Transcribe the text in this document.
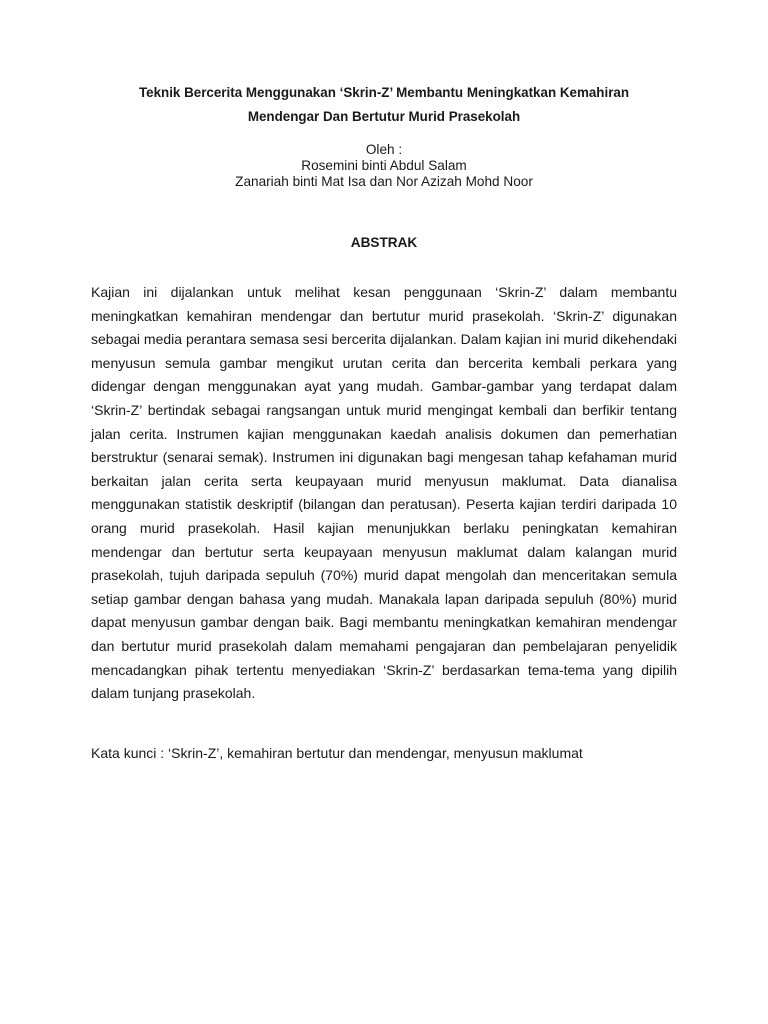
Teknik Bercerita Menggunakan ‘Skrin-Z’ Membantu Meningkatkan Kemahiran

Mendengar Dan Bertutur Murid Prasekolah

Oleh :
Rosemini binti Abdul Salam
Zanariah binti Mat Isa dan Nor Azizah Mohd Noor

ABSTRAK

Kajian ini dijalankan untuk melihat kesan penggunaan ‘Skrin-Z’ dalam membantu meningkatkan kemahiran mendengar dan bertutur murid prasekolah. ‘Skrin-Z’ digunakan sebagai media perantara semasa sesi bercerita dijalankan. Dalam kajian ini murid dikehendaki menyusun semula gambar mengikut urutan cerita dan bercerita kembali perkara yang didengar dengan menggunakan ayat yang mudah. Gambar-gambar yang terdapat dalam ‘Skrin-Z’ bertindak sebagai rangsangan untuk murid mengingat kembali dan berfikir tentang jalan cerita. Instrumen kajian menggunakan kaedah analisis dokumen dan pemerhatian berstruktur (senarai semak). Instrumen ini digunakan bagi mengesan tahap kefahaman murid berkaitan jalan cerita serta keupayaan murid menyusun maklumat. Data dianalisa menggunakan statistik deskriptif (bilangan dan peratusan). Peserta kajian terdiri daripada 10 orang murid prasekolah. Hasil kajian menunjukkan berlaku peningkatan kemahiran mendengar dan bertutur serta keupayaan menyusun maklumat dalam kalangan murid prasekolah, tujuh daripada sepuluh (70%) murid dapat mengolah dan menceritakan semula setiap gambar dengan bahasa yang mudah. Manakala lapan daripada sepuluh (80%) murid dapat menyusun gambar dengan baik. Bagi membantu meningkatkan kemahiran mendengar dan bertutur murid prasekolah dalam memahami pengajaran dan pembelajaran penyelidik mencadangkan pihak tertentu menyediakan ‘Skrin-Z’ berdasarkan tema-tema yang dipilih dalam tunjang prasekolah.

Kata kunci : ‘Skrin-Z’, kemahiran bertutur dan mendengar, menyusun maklumat
